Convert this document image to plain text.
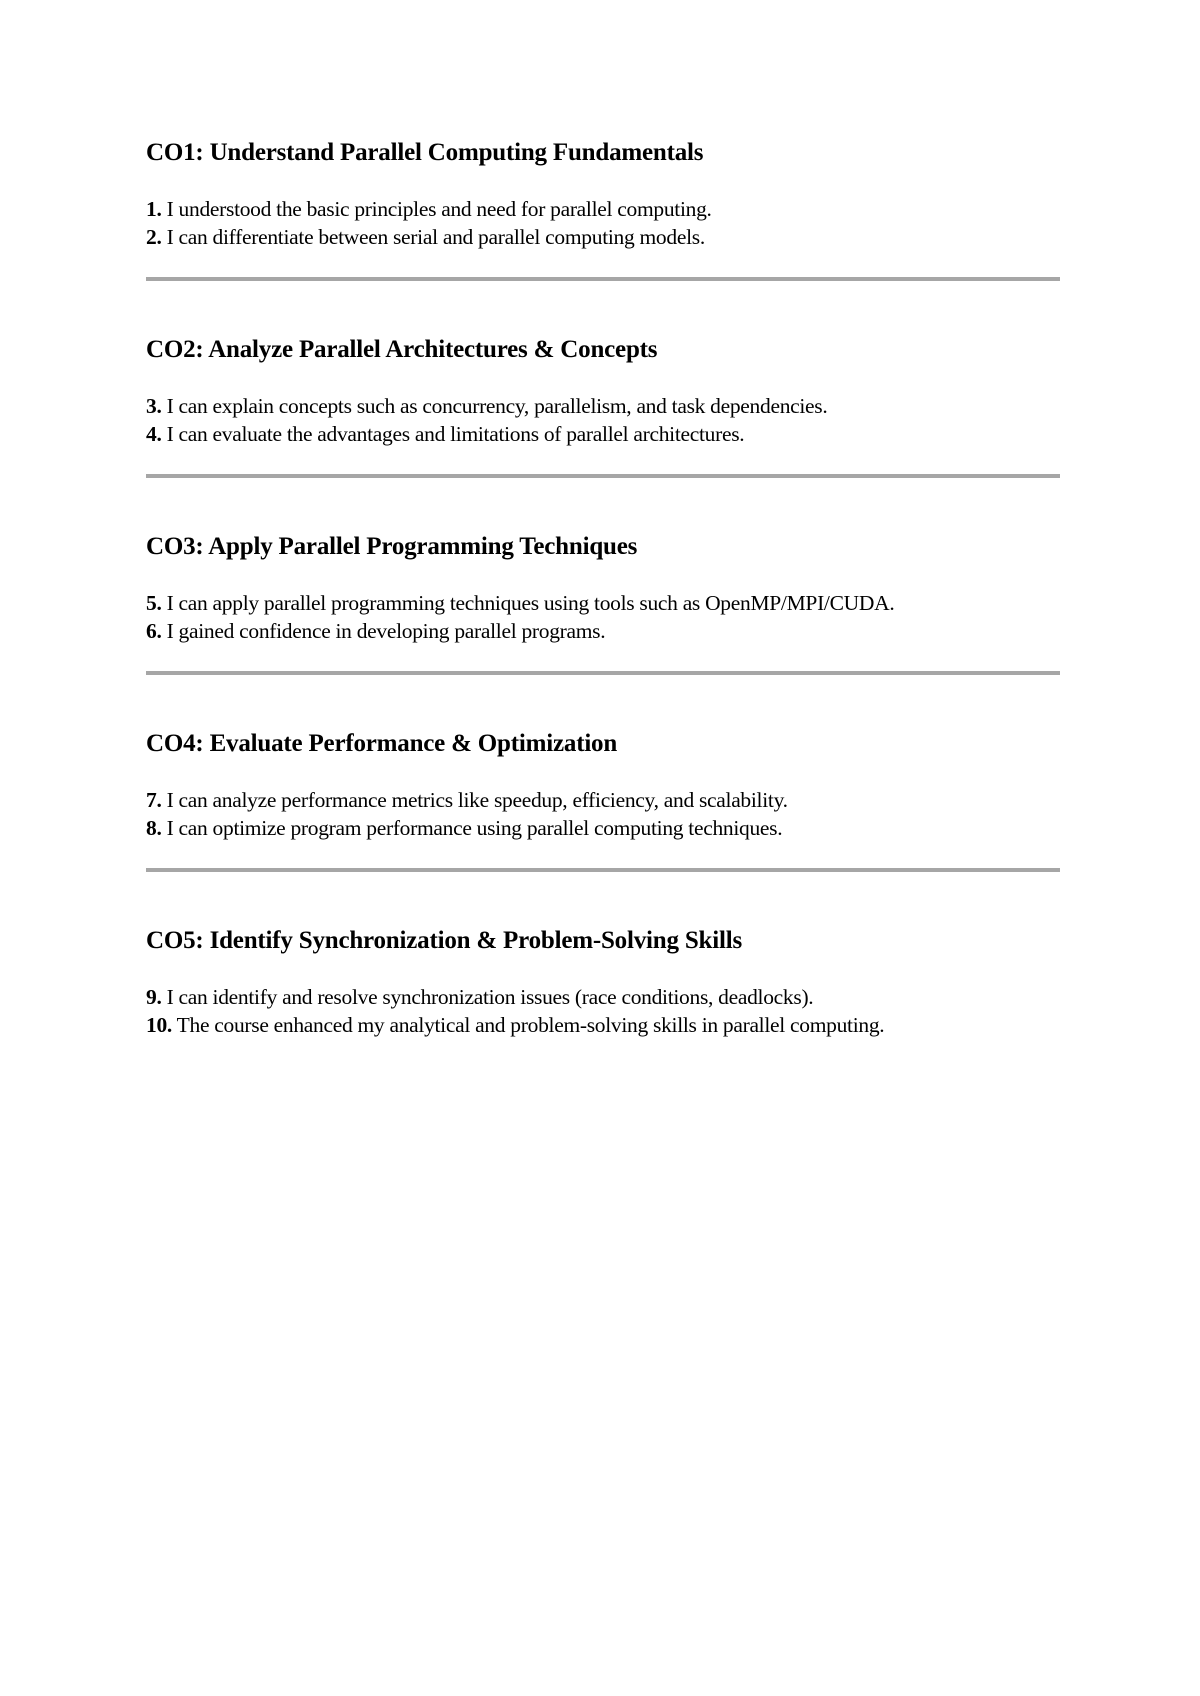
CO1: Understand Parallel Computing Fundamentals
1. I understood the basic principles and need for parallel computing.
2. I can differentiate between serial and parallel computing models.
CO2: Analyze Parallel Architectures & Concepts
3. I can explain concepts such as concurrency, parallelism, and task dependencies.
4. I can evaluate the advantages and limitations of parallel architectures.
CO3: Apply Parallel Programming Techniques
5. I can apply parallel programming techniques using tools such as OpenMP/MPI/CUDA.
6. I gained confidence in developing parallel programs.
CO4: Evaluate Performance & Optimization
7. I can analyze performance metrics like speedup, efficiency, and scalability.
8. I can optimize program performance using parallel computing techniques.
CO5: Identify Synchronization & Problem-Solving Skills
9. I can identify and resolve synchronization issues (race conditions, deadlocks).
10. The course enhanced my analytical and problem-solving skills in parallel computing.
